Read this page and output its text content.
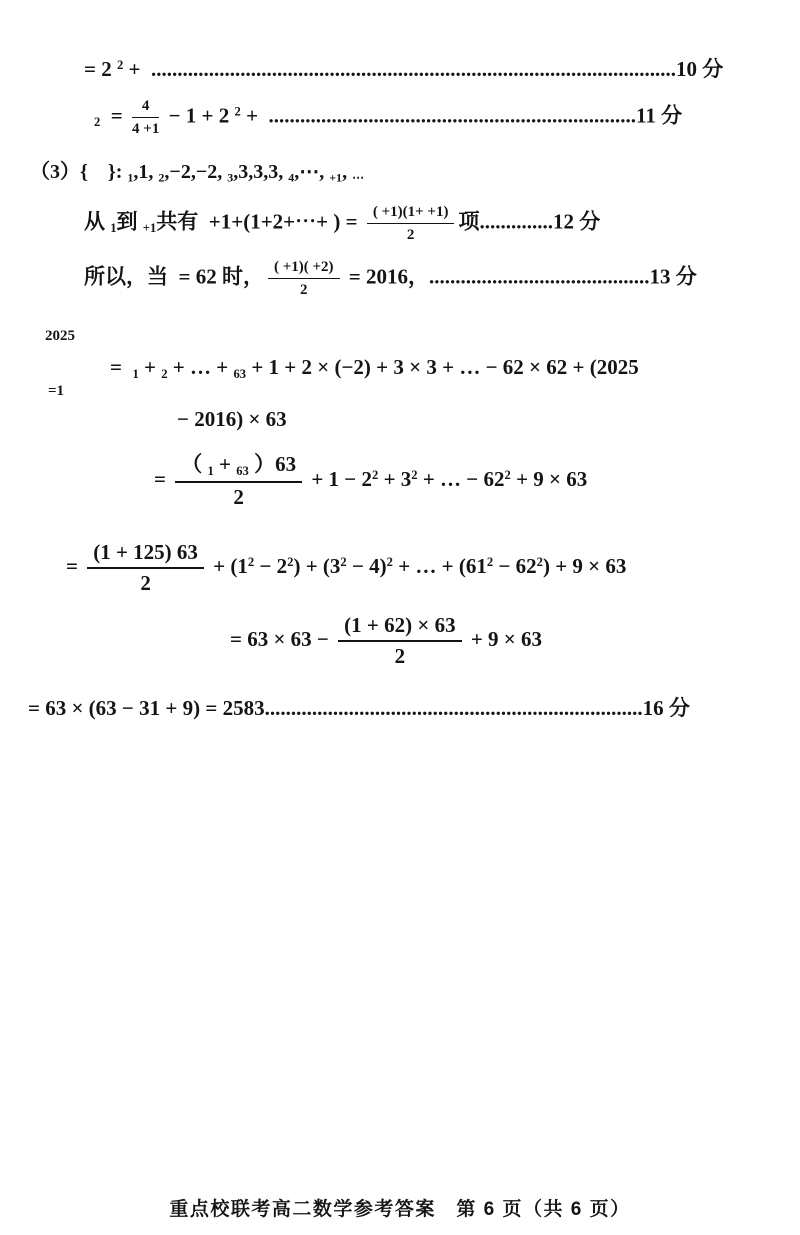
= 2 $^2$ +  ....................................................................................................10 分
$_2 = \frac{4}{4 +1} - 1 + 2$ $^2$ +  ......................................................................11 分
（3）{　}: $_1$,1, $_2$,−2,−2, $_3$,3,3,3, $_4$,⋯, $_{+1}$, $_\cdots$
从 $_1$到 $_{+1}$共有  +1+(1+2+⋯+ ) = $\frac{( +1)(1+ +1)}{2}$ 项..............12 分
所以，当  = 62 时， $\frac{( +1)( +2)}{2} = 2016$，..........................................13 分
2025
=1
=  $_1$ + $_2$ + … + $_{63}$ + 1 + 2 × (−2) + 3 × 3 + … − 62 × 62 + (2025
− 2016) × 63
= $\frac{( _1 + _{63} )63}{2} + 1 - 2^2 + 3^2$ + … − $62^2 + 9 \times 63$
= $\frac{(1 + 125) 63}{2} + (1^2 - 2^2) + (3^2 - 4)^2$ + … + $(61^2 - 62^2) + 9 \times 63$
= $63 \times 63 - \frac{(1 + 62) \times 63}{2} + 9 \times 63$
= 63 × (63 − 31 + 9) = 2583........................................................................16 分
重点校联考高二数学参考答案　第 6 页（共 6 页）
